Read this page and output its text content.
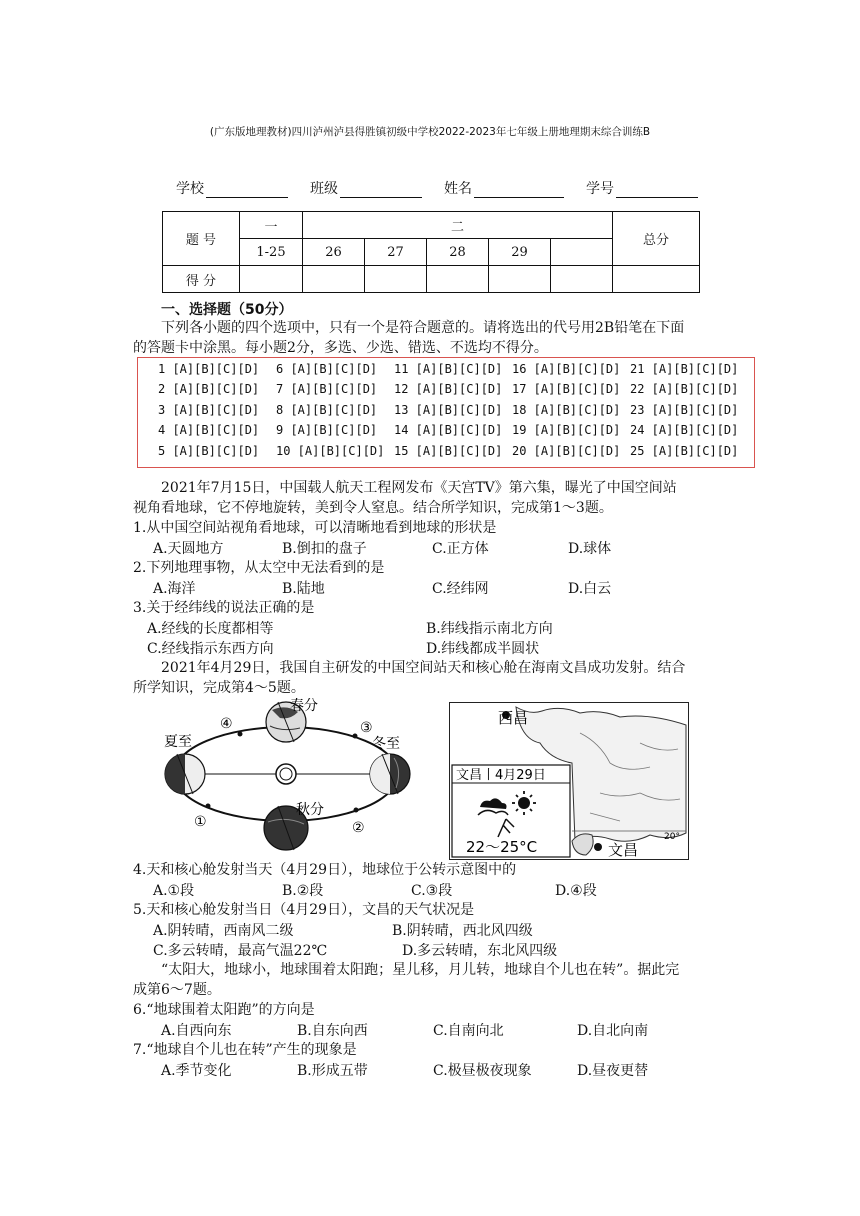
(广东版地理教材)四川泸州泸县得胜镇初级中学校2022-2023年七年级上册地理期末综合训练B
学校	班级	姓名	学号
题 号	一	二					总分
	1-25	26	27	28	29		
得 分							
一、选择题（50分）
下列各小题的四个选项中，只有一个是符合题意的。请将选出的代号用2B铅笔在下面
的答题卡中涂黑。每小题2分，多选、少选、错选、不选均不得分。
1 [A][B][C][D]	6 [A][B][C][D]	11 [A][B][C][D] 16 [A][B][C][D] 21 [A][B][C][D]
2 [A][B][C][D]	7 [A][B][C][D]	12 [A][B][C][D] 17 [A][B][C][D] 22 [A][B][C][D]
3 [A][B][C][D]	8 [A][B][C][D]	13 [A][B][C][D] 18 [A][B][C][D] 23 [A][B][C][D]
4 [A][B][C][D]	9 [A][B][C][D]	14 [A][B][C][D] 19 [A][B][C][D] 24 [A][B][C][D]
5 [A][B][C][D]	10 [A][B][C][D] 15 [A][B][C][D] 20 [A][B][C][D] 25 [A][B][C][D]
2021年7月15日，中国载人航天工程网发布《天宫TV》第六集，曝光了中国空间站
视角看地球，它不停地旋转，美到令人窒息。结合所学知识，完成第1～3题。
1.从中国空间站视角看地球，可以清晰地看到地球的形状是
A.天圆地方	B.倒扣的盘子	C.正方体	D.球体
2.下列地理事物，从太空中无法看到的是
A.海洋	B.陆地	C.经纬网	D.白云
3.关于经纬线的说法正确的是
A.经线的长度都相等	B.纬线指示南北方向
C.经线指示东西方向	D.纬线都成半圆状
2021年4月29日，我国自主研发的中国空间站天和核心舱在海南文昌成功发射。结合
所学知识，完成第4～5题。
春分
夏至	冬至
秋分
①	②
③
④	西昌
文昌
20°
文昌丨4月29日
22～25°C
4.天和核心舱发射当天（4月29日），地球位于公转示意图中的
A.①段	B.②段	C.③段	D.④段
5.天和核心舱发射当日（4月29日），文昌的天气状况是
A.阴转晴，西南风二级	B.阴转晴，西北风四级
C.多云转晴，最高气温22℃	D.多云转晴，东北风四级
“太阳大，地球小，地球围着太阳跑；星儿移，月儿转，地球自个儿也在转”。据此完
成第6～7题。
6.“地球围着太阳跑”的方向是
A.自西向东	B.自东向西	C.自南向北	D.自北向南
7.“地球自个儿也在转”产生的现象是
A.季节变化	B.形成五带	C.极昼极夜现象	D.昼夜更替
